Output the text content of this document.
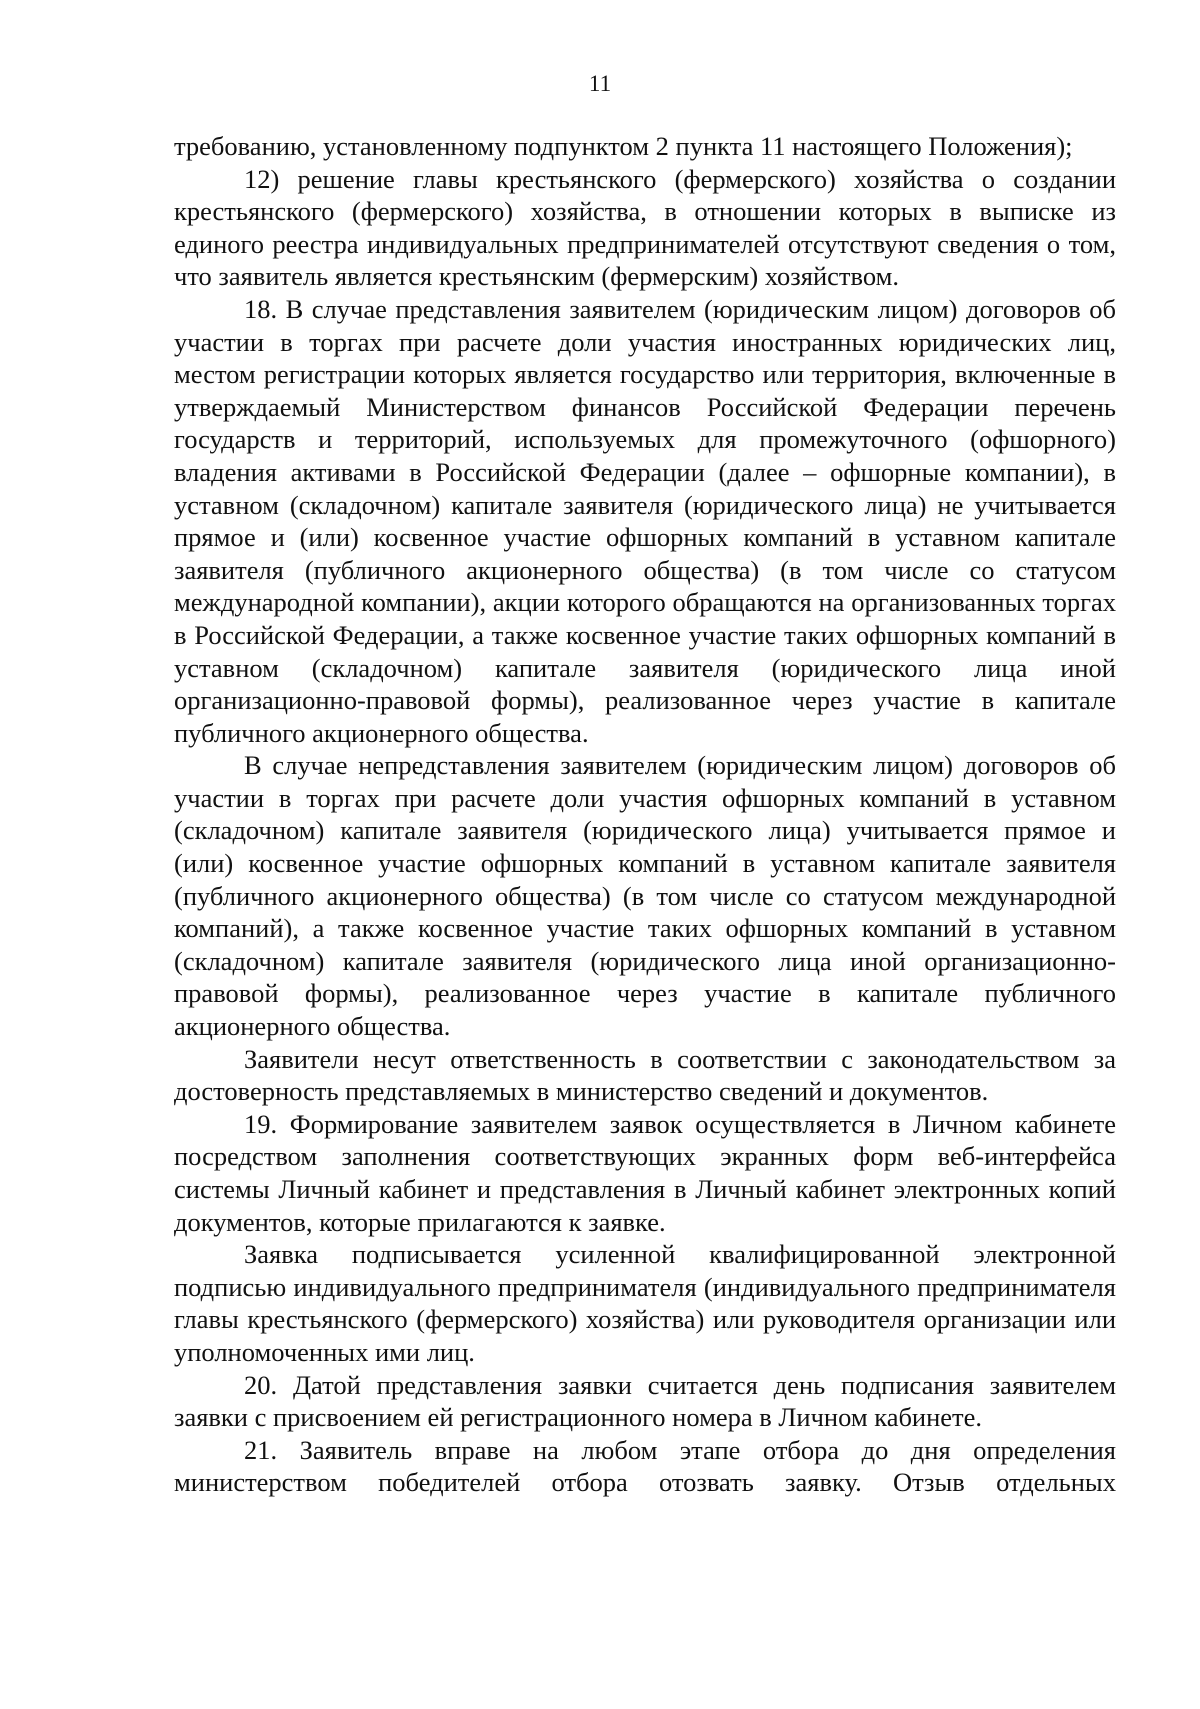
11

требованию, установленному подпунктом 2 пункта 11 настоящего Положения);

12) решение главы крестьянского (фермерского) хозяйства о создании крестьянского (фермерского) хозяйства, в отношении которых в выписке из единого реестра индивидуальных предпринимателей отсутствуют сведения о том, что заявитель является крестьянским (фермерским) хозяйством.

18. В случае представления заявителем (юридическим лицом) договоров об участии в торгах при расчете доли участия иностранных юридических лиц, местом регистрации которых является государство или территория, включенные в утверждаемый Министерством финансов Российской Федерации перечень государств и территорий, используемых для промежуточного (офшорного) владения активами в Российской Федерации (далее – офшорные компании), в уставном (складочном) капитале заявителя (юридического лица) не учитывается прямое и (или) косвенное участие офшорных компаний в уставном капитале заявителя (публичного акционерного общества) (в том числе со статусом международной компании), акции которого обращаются на организованных торгах в Российской Федерации, а также косвенное участие таких офшорных компаний в уставном (складочном) капитале заявителя (юридического лица иной организационно-правовой формы), реализованное через участие в капитале публичного акционерного общества.

В случае непредставления заявителем (юридическим лицом) договоров об участии в торгах при расчете доли участия офшорных компаний в уставном (складочном) капитале заявителя (юридического лица) учитывается прямое и (или) косвенное участие офшорных компаний в уставном капитале заявителя (публичного акционерного общества) (в том числе со статусом международной компаний), а также косвенное участие таких офшорных компаний в уставном (складочном) капитале заявителя (юридического лица иной организационно-правовой формы), реализованное через участие в капитале публичного акционерного общества.

Заявители несут ответственность в соответствии с законодательством за достоверность представляемых в министерство сведений и документов.

19. Формирование заявителем заявок осуществляется в Личном кабинете посредством заполнения соответствующих экранных форм веб-интерфейса системы Личный кабинет и представления в Личный кабинет электронных копий документов, которые прилагаются к заявке.

Заявка подписывается усиленной квалифицированной электронной подписью индивидуального предпринимателя (индивидуального предпринимателя главы крестьянского (фермерского) хозяйства) или руководителя организации или уполномоченных ими лиц.

20. Датой представления заявки считается день подписания заявителем заявки с присвоением ей регистрационного номера в Личном кабинете.

21. Заявитель вправе на любом этапе отбора до дня определения министерством победителей отбора отозвать заявку. Отзыв отдельных
